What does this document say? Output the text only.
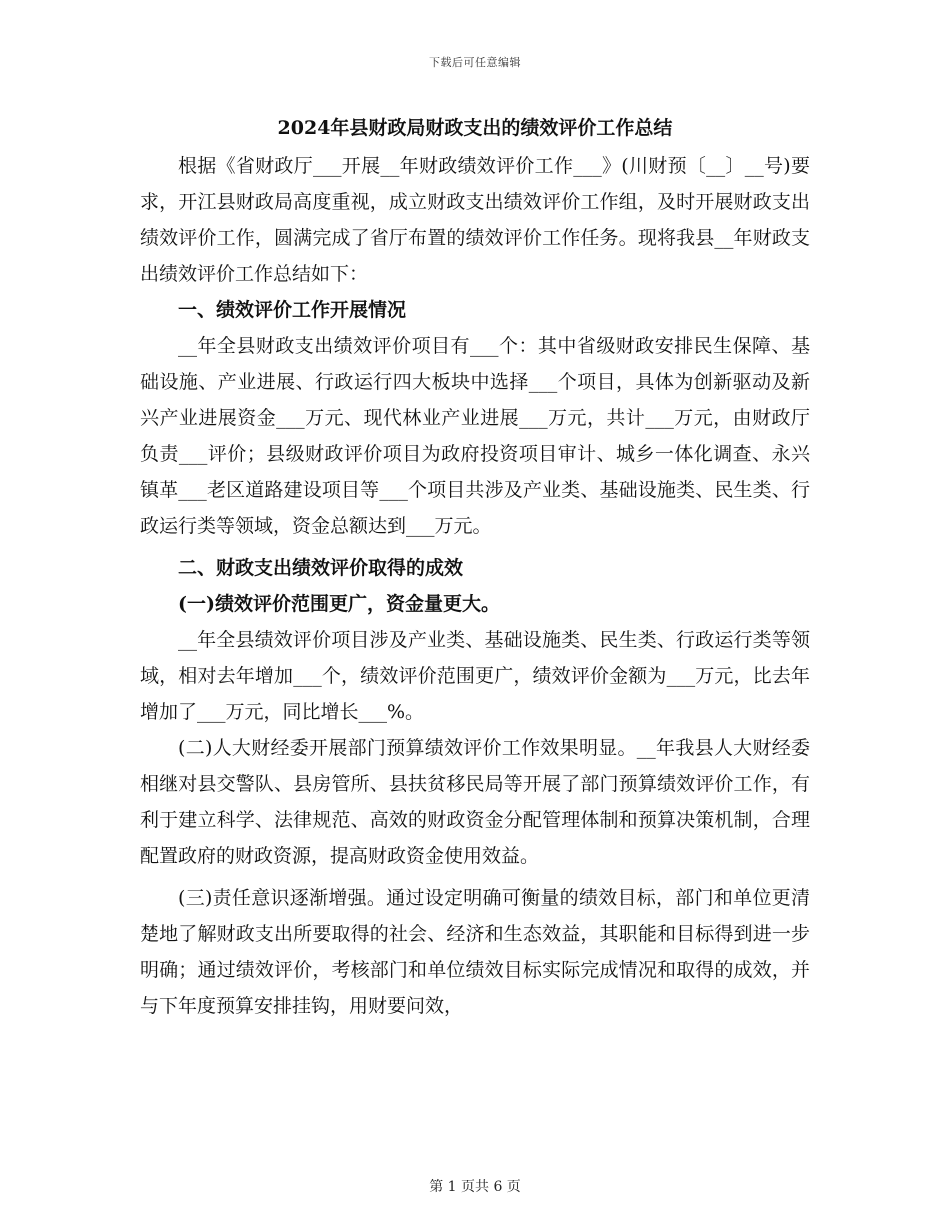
下载后可任意编辑
2024年县财政局财政支出的绩效评价工作总结

根据《省财政厅___开展__年财政绩效评价工作___》(川财预〔__〕__号)要求，开江县财政局高度重视，成立财政支出绩效评价工作组，及时开展财政支出绩效评价工作，圆满完成了省厅布置的绩效评价工作任务。现将我县__年财政支出绩效评价工作总结如下：

一、绩效评价工作开展情况

__年全县财政支出绩效评价项目有___个：其中省级财政安排民生保障、基础设施、产业进展、行政运行四大板块中选择___个项目，具体为创新驱动及新兴产业进展资金___万元、现代林业产业进展___万元，共计___万元，由财政厅负责___评价；县级财政评价项目为政府投资项目审计、城乡一体化调查、永兴镇革___老区道路建设项目等___个项目共涉及产业类、基础设施类、民生类、行政运行类等领域，资金总额达到___万元。

二、财政支出绩效评价取得的成效

(一)绩效评价范围更广，资金量更大。

__年全县绩效评价项目涉及产业类、基础设施类、民生类、行政运行类等领域，相对去年增加___个，绩效评价范围更广，绩效评价金额为___万元，比去年增加了___万元，同比增长___%。

(二)人大财经委开展部门预算绩效评价工作效果明显。__年我县人大财经委相继对县交警队、县房管所、县扶贫移民局等开展了部门预算绩效评价工作，有利于建立科学、法律规范、高效的财政资金分配管理体制和预算决策机制，合理配置政府的财政资源，提高财政资金使用效益。

(三)责任意识逐渐增强。通过设定明确可衡量的绩效目标，部门和单位更清楚地了解财政支出所要取得的社会、经济和生态效益，其职能和目标得到进一步明确；通过绩效评价，考核部门和单位绩效目标实际完成情况和取得的成效，并与下年度预算安排挂钩，用财要问效，

第 1 页共 6 页
